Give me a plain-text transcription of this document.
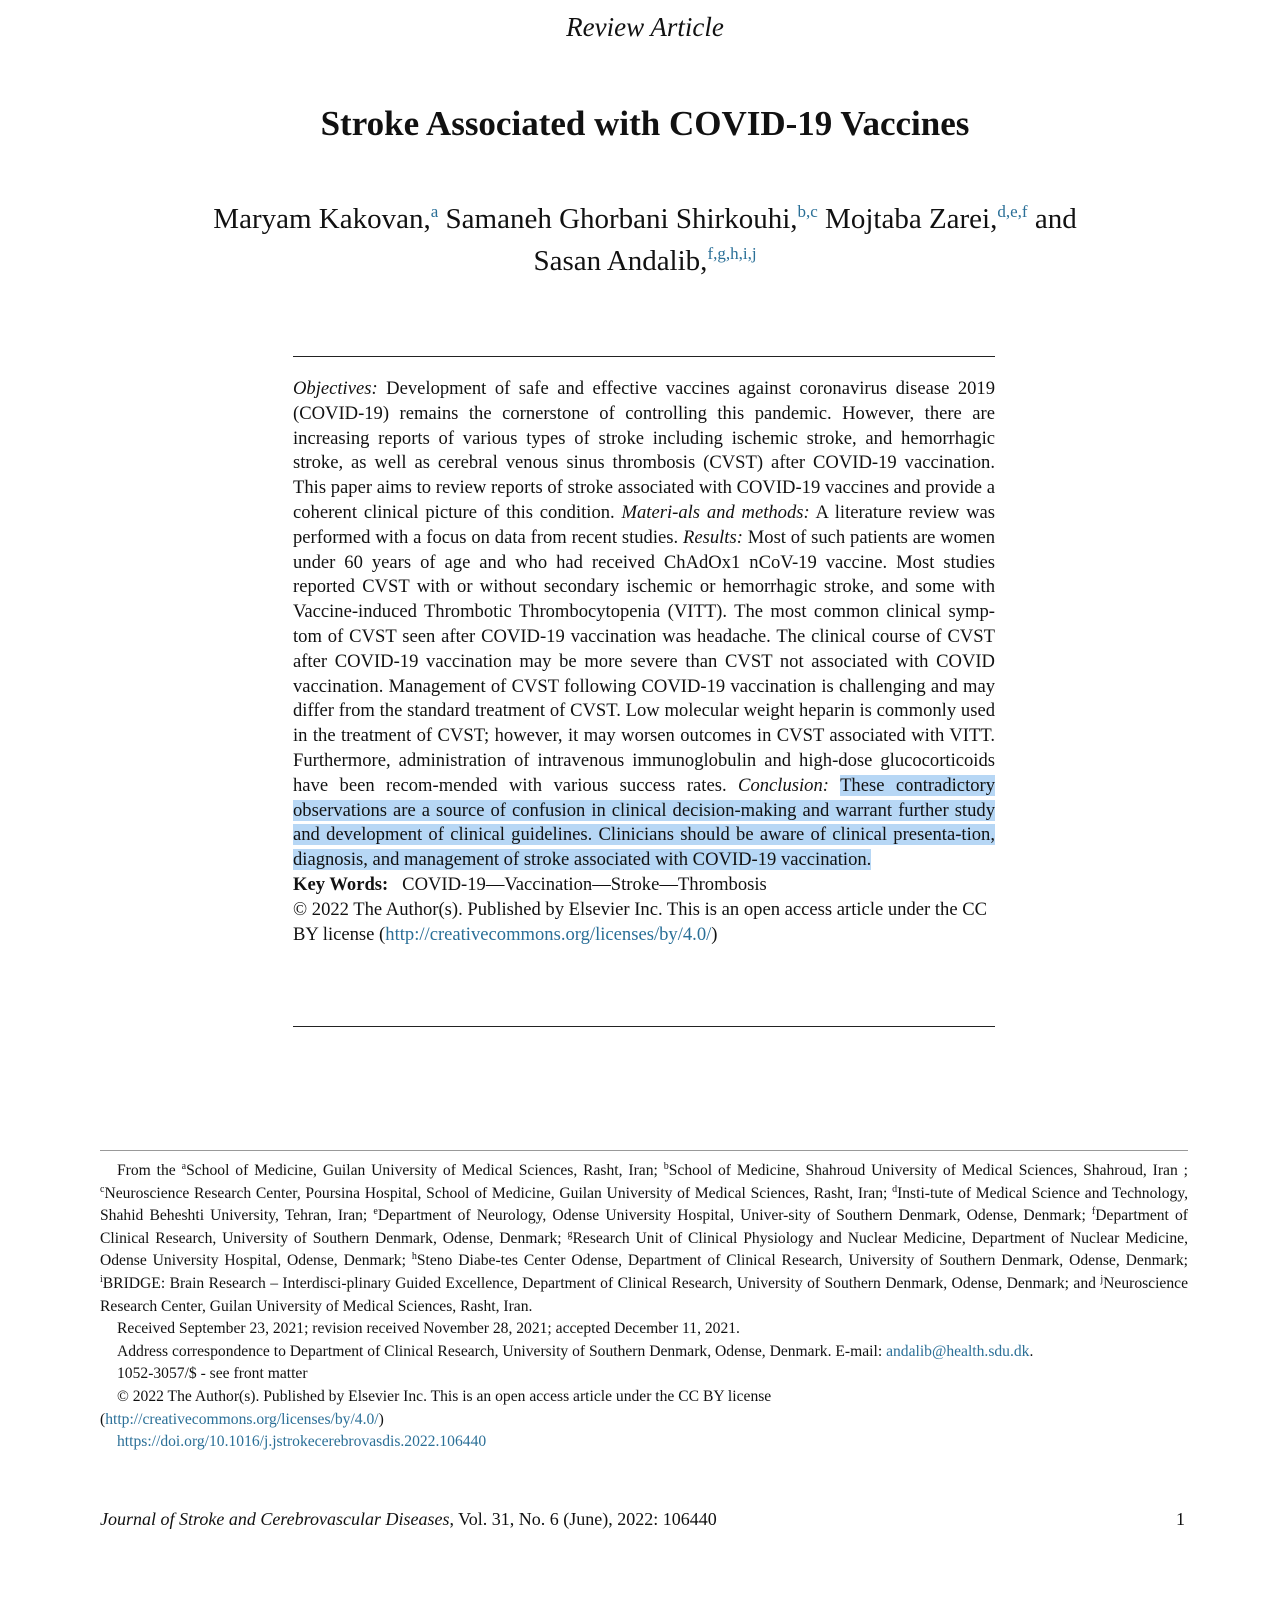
Review Article
Stroke Associated with COVID-19 Vaccines
Maryam Kakovan,$^a$ Samaneh Ghorbani Shirkouhi,$^{b,c}$ Mojtaba Zarei,$^{d,e,f}$ and
Sasan Andalib,$^{f,g,h,i,j}$

Objectives: Development of safe and effective vaccines against coronavirus disease 2019 (COVID-19) remains the cornerstone of controlling this pandemic. However, there are increasing reports of various types of stroke including ischemic stroke, and hemorrhagic stroke, as well as cerebral venous sinus thrombosis (CVST) after COVID-19 vaccination. This paper aims to review reports of stroke associated with COVID-19 vaccines and provide a coherent clinical picture of this condition. Materi-als and methods: A literature review was performed with a focus on data from recent studies. Results: Most of such patients are women under 60 years of age and who had received ChAdOx1 nCoV-19 vaccine. Most studies reported CVST with or without secondary ischemic or hemorrhagic stroke, and some with Vaccine-induced Thrombotic Thrombocytopenia (VITT). The most common clinical symp-tom of CVST seen after COVID-19 vaccination was headache. The clinical course of CVST after COVID-19 vaccination may be more severe than CVST not associated with COVID vaccination. Management of CVST following COVID-19 vaccination is challenging and may differ from the standard treatment of CVST. Low molecular weight heparin is commonly used in the treatment of CVST; however, it may worsen outcomes in CVST associated with VITT. Furthermore, administration of intravenous immunoglobulin and high-dose glucocorticoids have been recom-mended with various success rates. Conclusion: These contradictory observations are a source of confusion in clinical decision-making and warrant further study and development of clinical guidelines. Clinicians should be aware of clinical presenta-tion, diagnosis, and management of stroke associated with COVID-19 vaccination.

Key Words: COVID-19—Vaccination—Stroke—Thrombosis

© 2022 The Author(s). Published by Elsevier Inc. This is an open access article under the CC BY license (http://creativecommons.org/licenses/by/4.0/)

From the $^a$School of Medicine, Guilan University of Medical Sciences, Rasht, Iran; $^b$School of Medicine, Shahroud University of Medical Sciences, Shahroud, Iran ; $^c$Neuroscience Research Center, Poursina Hospital, School of Medicine, Guilan University of Medical Sciences, Rasht, Iran; $^d$Insti-tute of Medical Science and Technology, Shahid Beheshti University, Tehran, Iran; $^e$Department of Neurology, Odense University Hospital, Univer-sity of Southern Denmark, Odense, Denmark; $^f$Department of Clinical Research, University of Southern Denmark, Odense, Denmark; $^g$Research Unit of Clinical Physiology and Nuclear Medicine, Department of Nuclear Medicine, Odense University Hospital, Odense, Denmark; $^h$Steno Diabe-tes Center Odense, Department of Clinical Research, University of Southern Denmark, Odense, Denmark; $^i$BRIDGE: Brain Research – Interdisci-plinary Guided Excellence, Department of Clinical Research, University of Southern Denmark, Odense, Denmark; and $^j$Neuroscience Research Center, Guilan University of Medical Sciences, Rasht, Iran.

Received September 23, 2021; revision received November 28, 2021; accepted December 11, 2021.

Address correspondence to Department of Clinical Research, University of Southern Denmark, Odense, Denmark. E-mail: andalib@health.sdu.dk.

1052-3057/$ - see front matter

© 2022 The Author(s). Published by Elsevier Inc. This is an open access article under the CC BY license

(http://creativecommons.org/licenses/by/4.0/)

https://doi.org/10.1016/j.jstrokecerebrovasdis.2022.106440

Journal of Stroke and Cerebrovascular Diseases, Vol. 31, No. 6 (June), 2022: 106440	1
